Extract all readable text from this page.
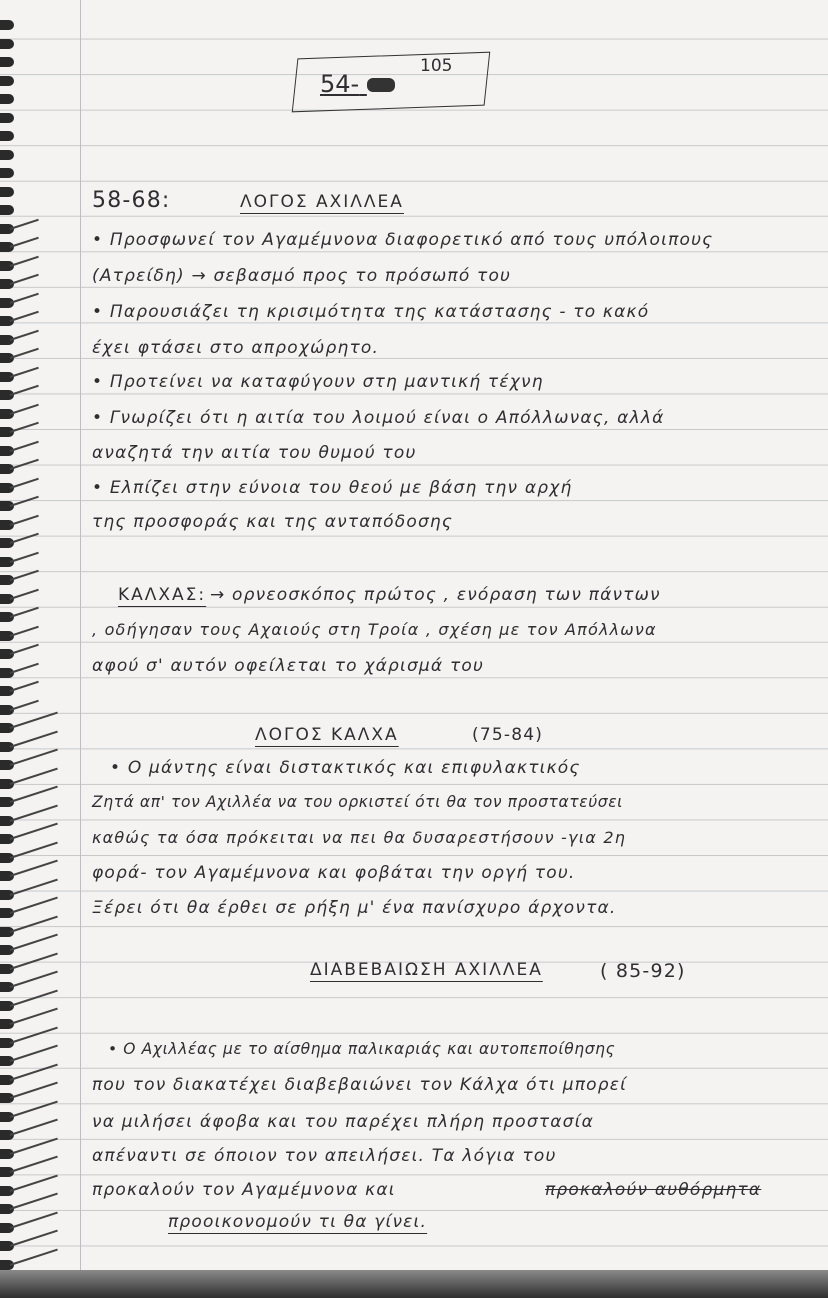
54-
105
58-68:	ΛΟΓΟΣ ΑΧΙΛΛΕΑ
• Προσφωνεί τον Αγαμέμνονα διαφορετικό από τους υπόλοιπους
(Ατρείδη) → σεβασμό προς το πρόσωπό του
• Παρουσιάζει τη κρισιμότητα της κατάστασης - το κακό
έχει φτάσει στο απροχώρητο.
• Προτείνει να καταφύγουν στη μαντική τέχνη
• Γνωρίζει ότι η αιτία του λοιμού είναι ο Απόλλωνας, αλλά
αναζητά την αιτία του θυμού του
• Ελπίζει στην εύνοια του θεού με βάση την αρχή
της προσφοράς και της ανταπόδοσης
ΚΑΛΧΑΣ: → ορνεοσκόπος πρώτος , ενόραση των πάντων
, οδήγησαν τους Αχαιούς στη Τροία , σχέση με τον Απόλλωνα
αφού σ' αυτόν οφείλεται το χάρισμά του
ΛΟΓΟΣ ΚΑΛΧΑ	(75-84)
• Ο μάντης είναι διστακτικός και επιφυλακτικός
Ζητά απ' τον Αχιλλέα να του ορκιστεί ότι θα τον προστατεύσει
καθώς τα όσα πρόκειται να πει θα δυσαρεστήσουν -για 2η
φορά- τον Αγαμέμνονα και φοβάται την οργή του.
Ξέρει ότι θα έρθει σε ρήξη μ' ένα πανίσχυρο άρχοντα.
ΔΙΑΒΕΒΑΙΩΣΗ ΑΧΙΛΛΕΑ	( 85-92)
• Ο Αχιλλέας με το αίσθημα παλικαριάς και αυτοπεποίθησης
που τον διακατέχει διαβεβαιώνει τον Κάλχα ότι μπορεί
να μιλήσει άφοβα και του παρέχει πλήρη προστασία
απέναντι σε όποιον τον απειλήσει. Τα λόγια του
προκαλούν τον Αγαμέμνονα και	προκαλούν αυθόρμητα
προοικονομούν τι θα γίνει.
